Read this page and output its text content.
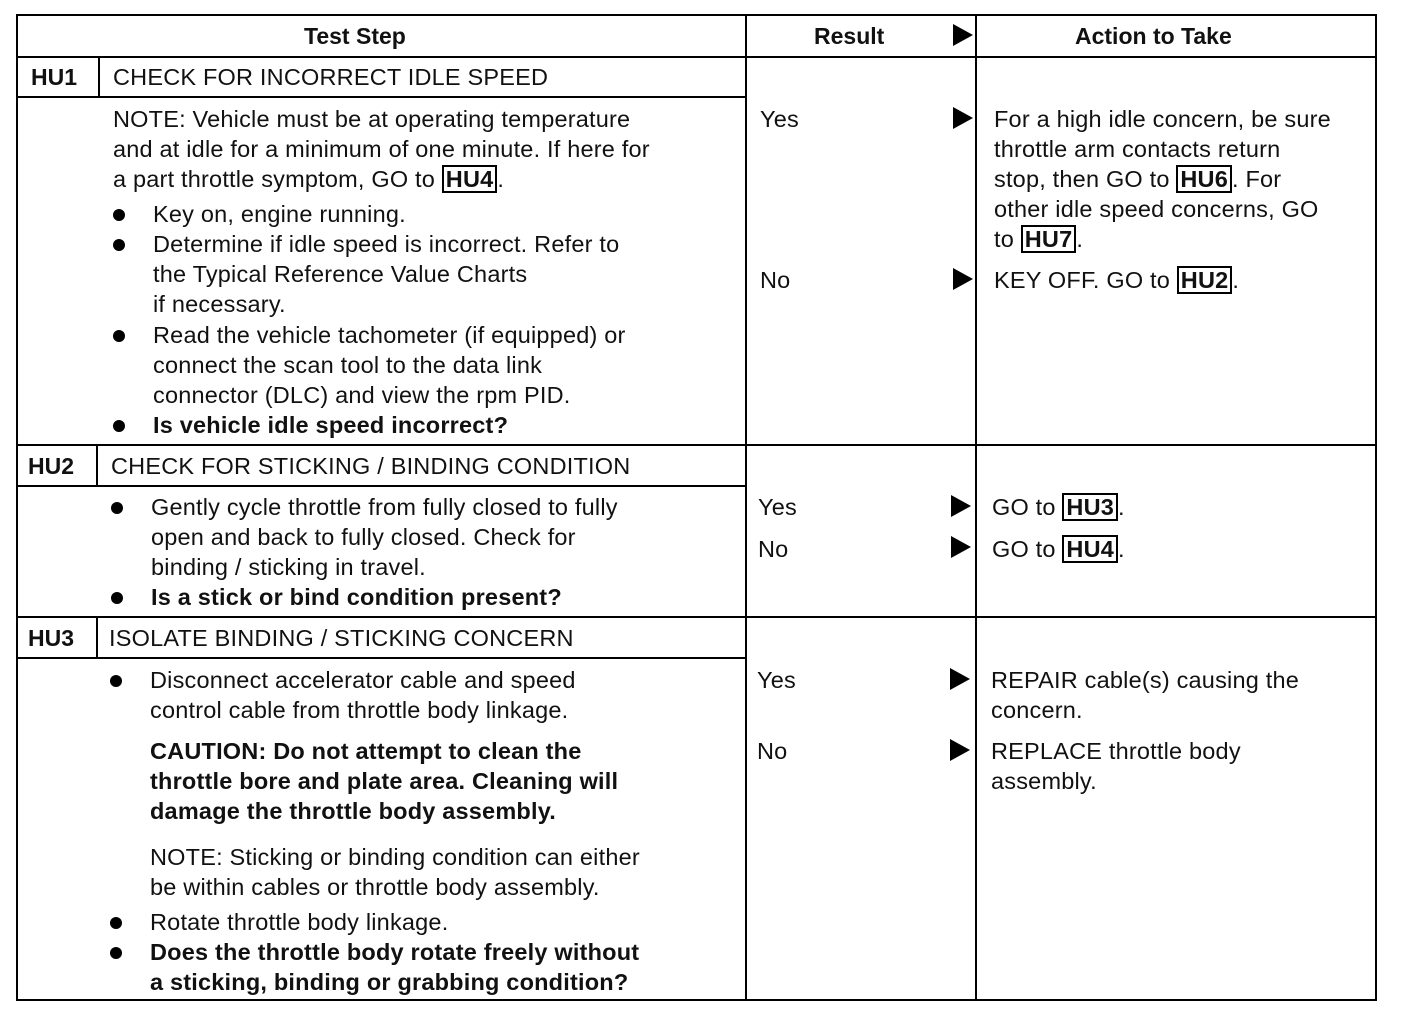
Test Step	Result	Action to Take
HU1 CHECK FOR INCORRECT IDLE SPEED
NOTE: Vehicle must be at operating temperature
and at idle for a minimum of one minute. If here for
a part throttle symptom, GO to HU4 .
Key on, engine running.
Determine if idle speed is incorrect. Refer to
the Typical Reference Value Charts
if necessary.
Read the vehicle tachometer (if equipped) or
connect the scan tool to the data link
connector (DLC) and view the rpm PID.
Is vehicle idle speed incorrect?
Yes
No
For a high idle concern, be sure
throttle arm contacts return
stop, then GO to HU6 . For
other idle speed concerns, GO
to HU7 .
KEY OFF. GO to HU2 .
HU2 CHECK FOR STICKING / BINDING CONDITION
Gently cycle throttle from fully closed to fully
open and back to fully closed. Check for
binding / sticking in travel.
Is a stick or bind condition present?
Yes
No
GO to HU3 .
GO to HU4 .
HU3 ISOLATE BINDING / STICKING CONCERN
Disconnect accelerator cable and speed
control cable from throttle body linkage.
CAUTION: Do not attempt to clean the
throttle bore and plate area. Cleaning will
damage the throttle body assembly.
NOTE: Sticking or binding condition can either
be within cables or throttle body assembly.
Rotate throttle body linkage.
Does the throttle body rotate freely without
a sticking, binding or grabbing condition?
Yes
No
REPAIR cable(s) causing the
concern.
REPLACE throttle body
assembly.
